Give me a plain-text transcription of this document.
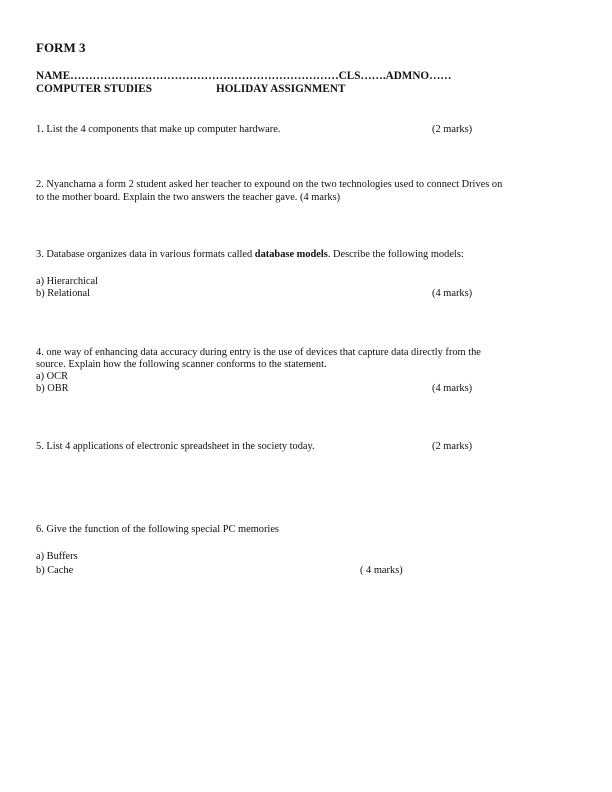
FORM 3
NAME………………………………………………………………CLS…….ADMNO……
COMPUTER STUDIES	HOLIDAY ASSIGNMENT
1. List the 4 components that make up computer hardware.	(2 marks)
2. Nyanchama a form 2 student asked her teacher to expound on the two technologies used to connect Drives on
to the mother board. Explain the two answers the teacher gave. (4 marks)
3. Database organizes data in various formats called database models. Describe the following models:
a) Hierarchical
b) Relational	(4 marks)
4. one way of enhancing data accuracy during entry is the use of devices that capture data directly from the
source. Explain how the following scanner conforms to the statement.
a) OCR
b) OBR	(4 marks)
5. List 4 applications of electronic spreadsheet in the society today.	(2 marks)
6. Give the function of the following special PC memories
a) Buffers
b) Cache	( 4 marks)
